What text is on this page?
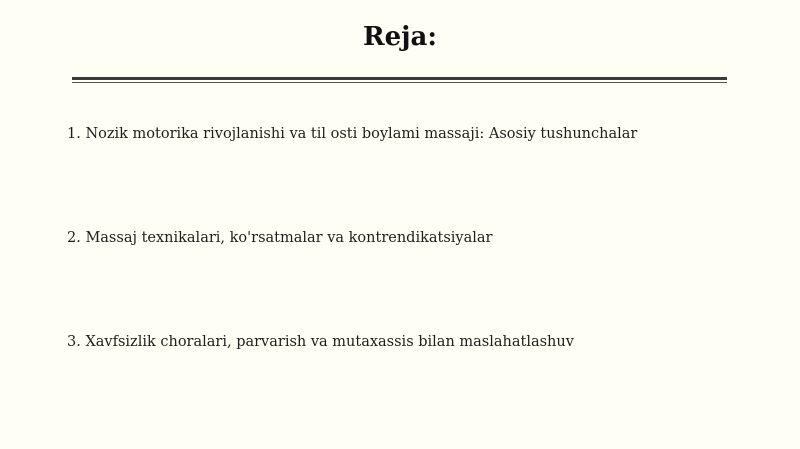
Reja:
1. Nozik motorika rivojlanishi va til osti boylami massaji: Asosiy tushunchalar
2. Massaj texnikalari, ko'rsatmalar va kontrendikatsiyalar
3. Xavfsizlik choralari, parvarish va mutaxassis bilan maslahatlashuv
